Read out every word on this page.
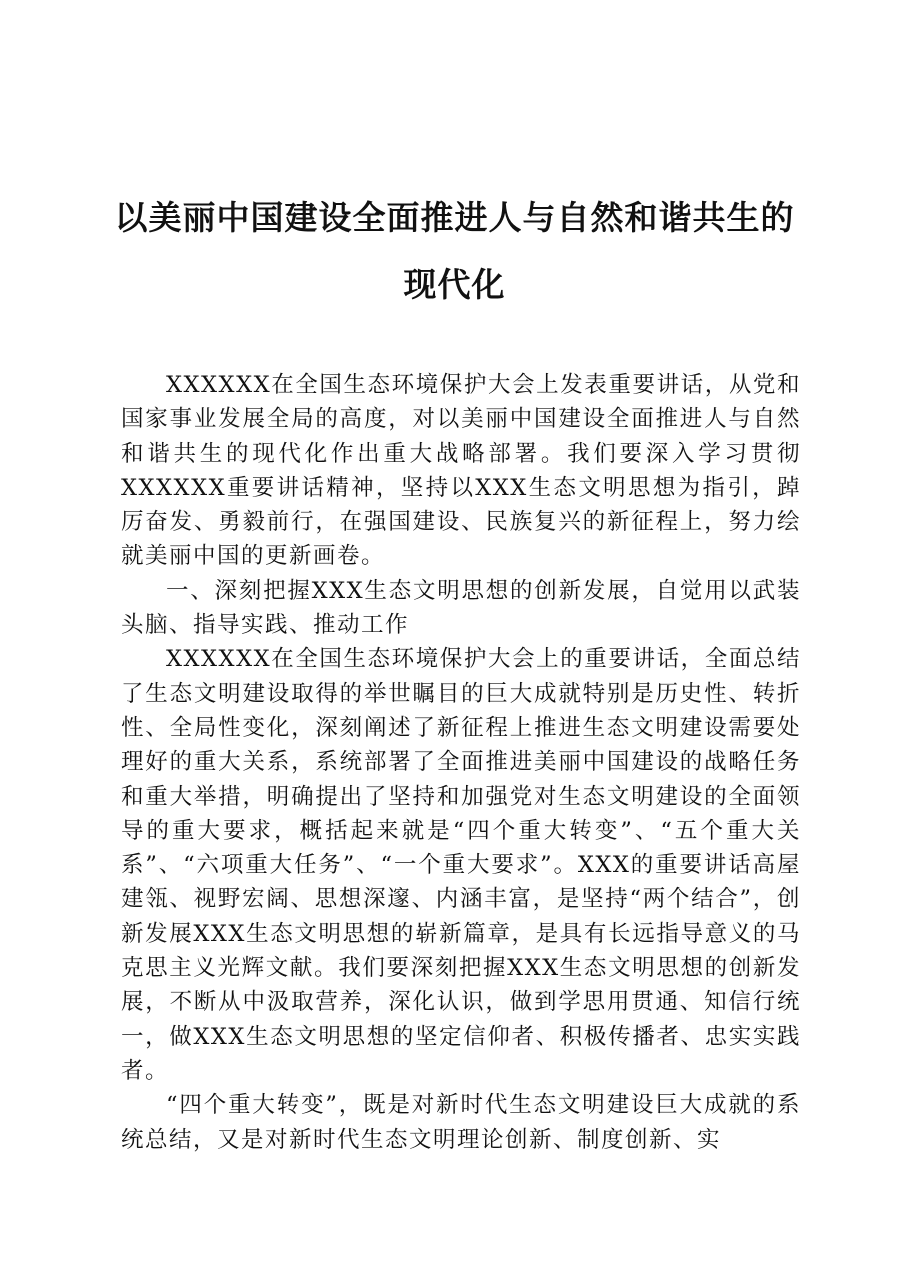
以美丽中国建设全面推进人与自然和谐共生的
现代化

XXXXXX在全国生态环境保护大会上发表重要讲话，从党和国家事业发展全局的高度，对以美丽中国建设全面推进人与自然和谐共生的现代化作出重大战略部署。我们要深入学习贯彻XXXXXX重要讲话精神，坚持以XXX生态文明思想为指引，踔厉奋发、勇毅前行，在强国建设、民族复兴的新征程上，努力绘就美丽中国的更新画卷。

一、深刻把握XXX生态文明思想的创新发展，自觉用以武装头脑、指导实践、推动工作

XXXXXX在全国生态环境保护大会上的重要讲话，全面总结了生态文明建设取得的举世瞩目的巨大成就特别是历史性、转折性、全局性变化，深刻阐述了新征程上推进生态文明建设需要处理好的重大关系，系统部署了全面推进美丽中国建设的战略任务和重大举措，明确提出了坚持和加强党对生态文明建设的全面领导的重大要求，概括起来就是“四个重大转变”、“五个重大关系”、“六项重大任务”、“一个重大要求”。XXX的重要讲话高屋建瓴、视野宏阔、思想深邃、内涵丰富，是坚持“两个结合”，创新发展XXX生态文明思想的崭新篇章，是具有长远指导意义的马克思主义光辉文献。我们要深刻把握XXX生态文明思想的创新发展，不断从中汲取营养，深化认识，做到学思用贯通、知信行统一，做XXX生态文明思想的坚定信仰者、积极传播者、忠实实践者。

“四个重大转变”，既是对新时代生态文明建设巨大成就的系统总结，又是对新时代生态文明理论创新、制度创新、实
